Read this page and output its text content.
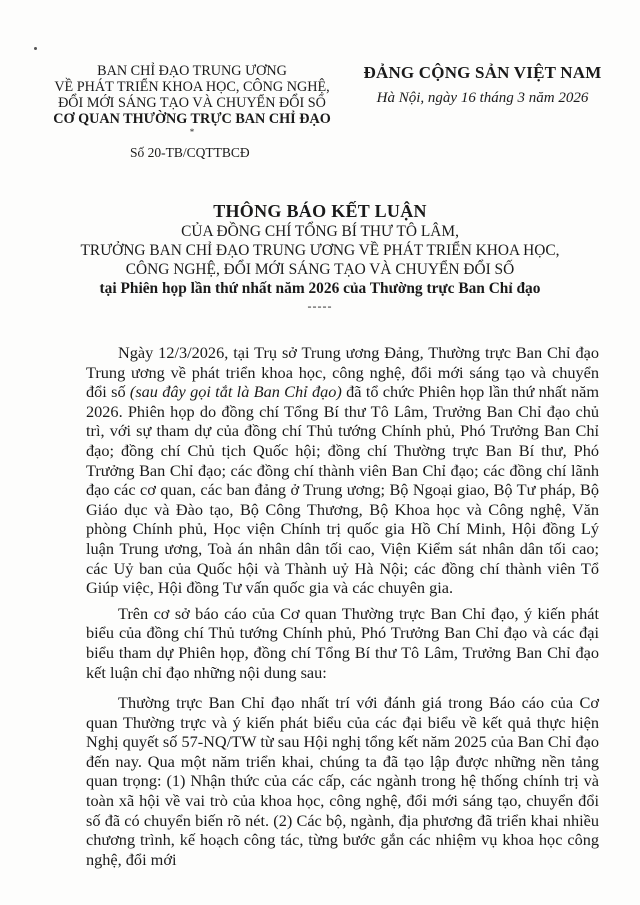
BAN CHỈ ĐẠO TRUNG ƯƠNG
VỀ PHÁT TRIỂN KHOA HỌC, CÔNG NGHỆ,
ĐỔI MỚI SÁNG TẠO VÀ CHUYỂN ĐỔI SỐ
CƠ QUAN THƯỜNG TRỰC BAN CHỈ ĐẠO
*
Số 20-TB/CQTTBCĐ
ĐẢNG CỘNG SẢN VIỆT NAM
Hà Nội, ngày 16 tháng 3 năm 2026
THÔNG BÁO KẾT LUẬN
CỦA ĐỒNG CHÍ TỔNG BÍ THƯ TÔ LÂM,
TRƯỞNG BAN CHỈ ĐẠO TRUNG ƯƠNG VỀ PHÁT TRIỂN KHOA HỌC,
CÔNG NGHỆ, ĐỔI MỚI SÁNG TẠO VÀ CHUYỂN ĐỔI SỐ
tại Phiên họp lần thứ nhất năm 2026 của Thường trực Ban Chỉ đạo
-----

Ngày 12/3/2026, tại Trụ sở Trung ương Đảng, Thường trực Ban Chỉ đạo Trung ương về phát triển khoa học, công nghệ, đổi mới sáng tạo và chuyển đổi số (sau đây gọi tắt là Ban Chỉ đạo) đã tổ chức Phiên họp lần thứ nhất năm 2026. Phiên họp do đồng chí Tổng Bí thư Tô Lâm, Trưởng Ban Chỉ đạo chủ trì, với sự tham dự của đồng chí Thủ tướng Chính phủ, Phó Trưởng Ban Chỉ đạo; đồng chí Chủ tịch Quốc hội; đồng chí Thường trực Ban Bí thư, Phó Trưởng Ban Chỉ đạo; các đồng chí thành viên Ban Chỉ đạo; các đồng chí lãnh đạo các cơ quan, các ban đảng ở Trung ương; Bộ Ngoại giao, Bộ Tư pháp, Bộ Giáo dục và Đào tạo, Bộ Công Thương, Bộ Khoa học và Công nghệ, Văn phòng Chính phủ, Học viện Chính trị quốc gia Hồ Chí Minh, Hội đồng Lý luận Trung ương, Toà án nhân dân tối cao, Viện Kiểm sát nhân dân tối cao; các Uỷ ban của Quốc hội và Thành uỷ Hà Nội; các đồng chí thành viên Tổ Giúp việc, Hội đồng Tư vấn quốc gia và các chuyên gia.

Trên cơ sở báo cáo của Cơ quan Thường trực Ban Chỉ đạo, ý kiến phát biểu của đồng chí Thủ tướng Chính phủ, Phó Trưởng Ban Chỉ đạo và các đại biểu tham dự Phiên họp, đồng chí Tổng Bí thư Tô Lâm, Trưởng Ban Chỉ đạo kết luận chỉ đạo những nội dung sau:

Thường trực Ban Chỉ đạo nhất trí với đánh giá trong Báo cáo của Cơ quan Thường trực và ý kiến phát biểu của các đại biểu về kết quả thực hiện Nghị quyết số 57-NQ/TW từ sau Hội nghị tổng kết năm 2025 của Ban Chỉ đạo đến nay. Qua một năm triển khai, chúng ta đã tạo lập được những nền tảng quan trọng: (1) Nhận thức của các cấp, các ngành trong hệ thống chính trị và toàn xã hội về vai trò của khoa học, công nghệ, đổi mới sáng tạo, chuyển đổi số đã có chuyển biến rõ nét. (2) Các bộ, ngành, địa phương đã triển khai nhiều chương trình, kế hoạch công tác, từng bước gắn các nhiệm vụ khoa học công nghệ, đổi mới
